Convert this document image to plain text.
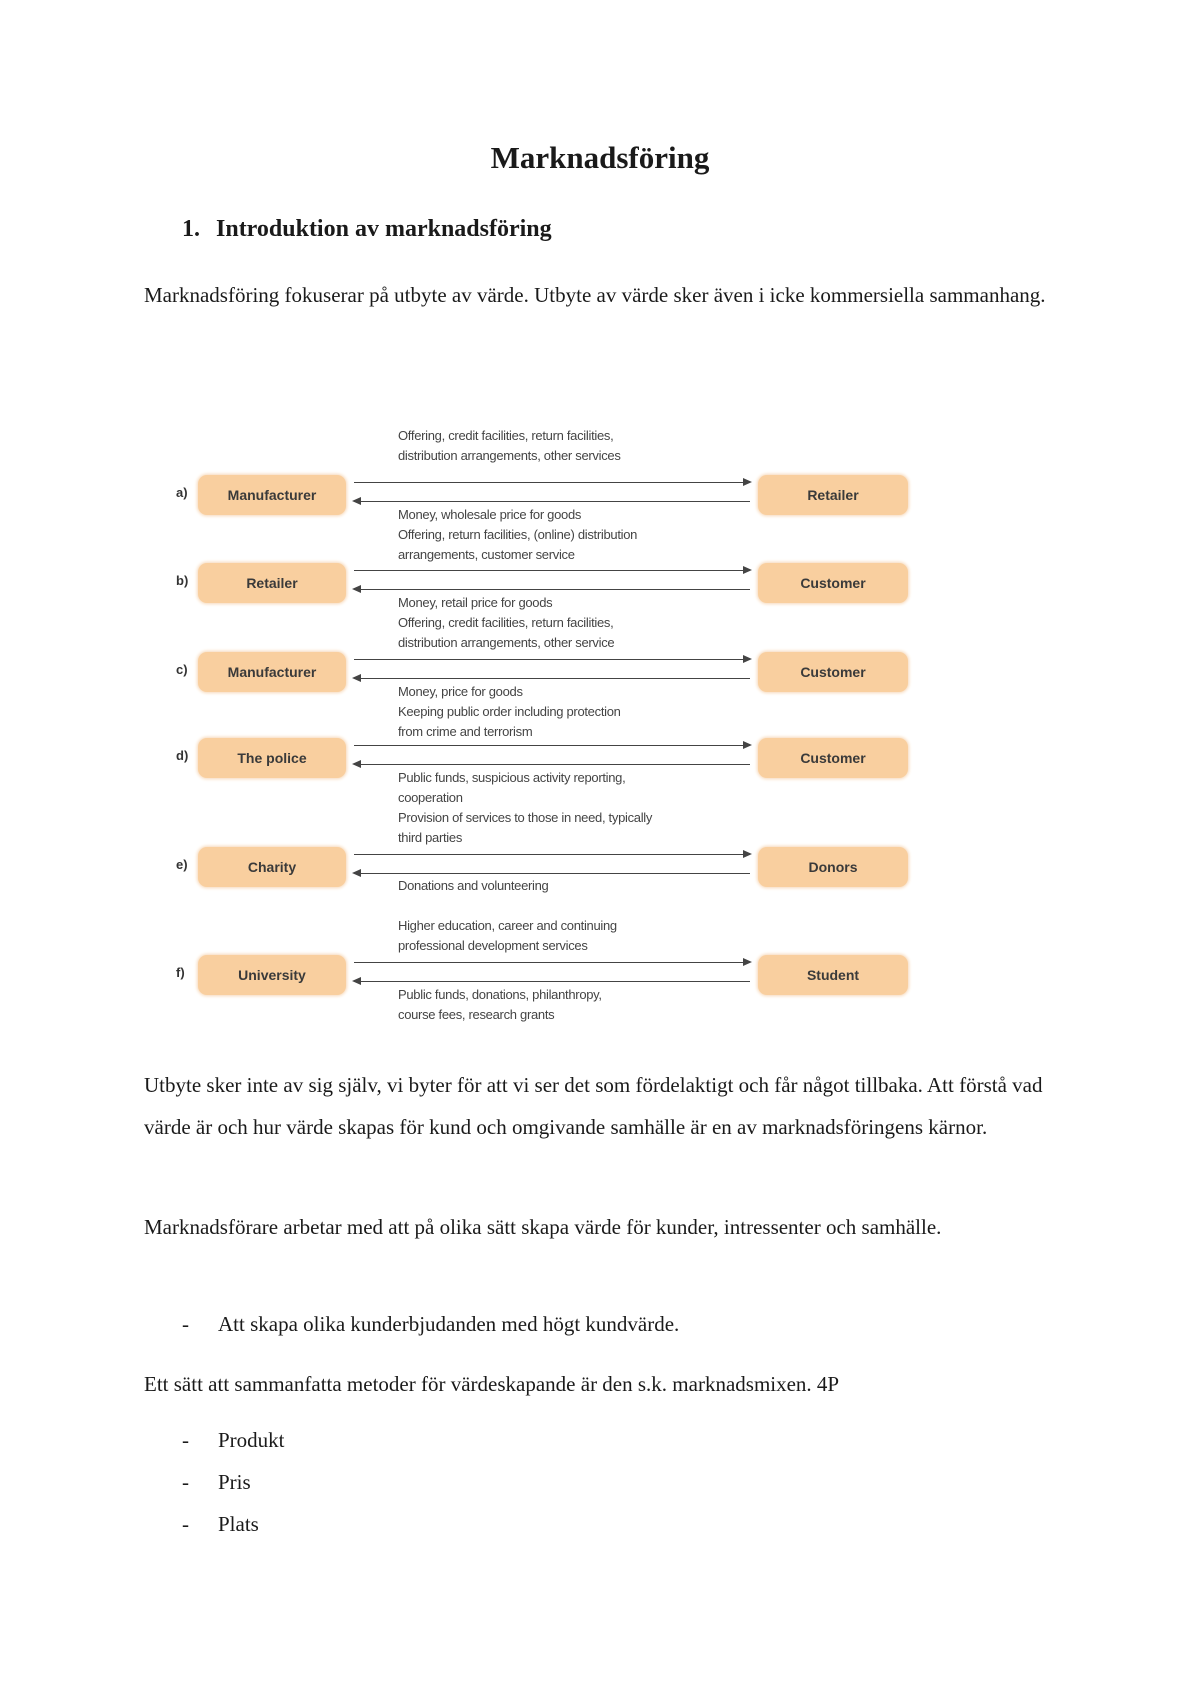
Marknadsföring
1. Introduktion av marknadsföring

Marknadsföring fokuserar på utbyte av värde. Utbyte av värde sker även i icke kommersiella sammanhang.

Offering, credit facilities, return facilities,
distribution arrangements, other services
a)	Manufacturer	Retailer
Money, wholesale price for goods
Offering, return facilities, (online) distribution
arrangements, customer service
b)	Retailer	Customer
Money, retail price for goods
Offering, credit facilities, return facilities,
distribution arrangements, other service
c)	Manufacturer	Customer
Money, price for goods
Keeping public order including protection
from crime and terrorism
d)	The police	Customer
Public funds, suspicious activity reporting,
cooperation
Provision of services to those in need, typically
third parties
e)	Charity	Donors
Donations and volunteering
Higher education, career and continuing
professional development services
f)	University	Student
Public funds, donations, philanthropy,
course fees, research grants

Utbyte sker inte av sig själv, vi byter för att vi ser det som fördelaktigt och får något tillbaka. Att förstå vad värde är och hur värde skapas för kund och omgivande samhälle är en av marknadsföringens kärnor.

Marknadsförare arbetar med att på olika sätt skapa värde för kunder, intressenter och samhälle.

- Att skapa olika kunderbjudanden med högt kundvärde.

Ett sätt att sammanfatta metoder för värdeskapande är den s.k. marknadsmixen. 4P

- Produkt
- Pris
- Plats
